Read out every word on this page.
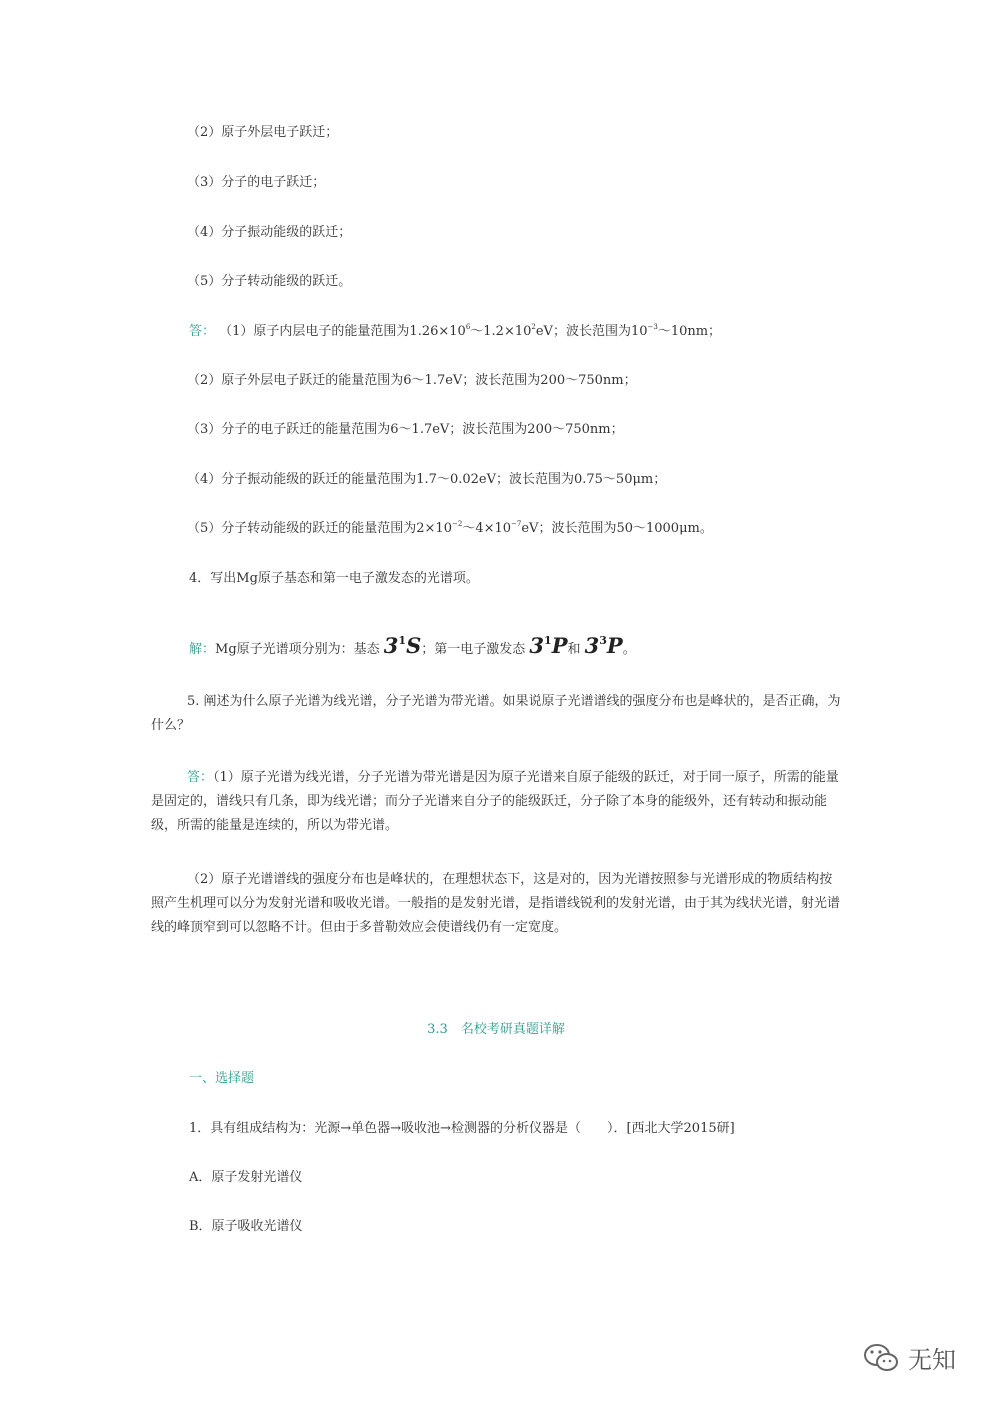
（2）原子外层电子跃迁；
（3）分子的电子跃迁；
（4）分子振动能级的跃迁；
（5）分子转动能级的跃迁。
答： （1）原子内层电子的能量范围为$1.26\times 10^6\sim 1.2\times 10^2eV$；波长范围为$10^{-3}\sim 10nm$；
（2）原子外层电子跃迁的能量范围为6～1.7eV；波长范围为200～750nm；
（3）分子的电子跃迁的能量范围为6～1.7eV；波长范围为200～750nm；
（4）分子振动能级的跃迁的能量范围为1.7～0.02eV；波长范围为0.75～50μm；
（5）分子转动能级的跃迁的能量范围为$2\times 10^{-2}\sim 4\times 10^{-7}eV$；波长范围为50～1000μm。
4．写出Mg原子基态和第一电子激发态的光谱项。
解：Mg原子光谱项分别为：基态 $3^1S$；第一电子激发态 $3^1P$和 $3^3P$。
5. 阐述为什么原子光谱为线光谱，分子光谱为带光谱。如果说原子光谱谱线的强度分布也是峰状的，是否正确，为什么？
答：（1）原子光谱为线光谱，分子光谱为带光谱是因为原子光谱来自原子能级的跃迁，对于同一原子，所需的能量是固定的，谱线只有几条，即为线光谱；而分子光谱来自分子的能级跃迁，分子除了本身的能级外，还有转动和振动能级，所需的能量是连续的，所以为带光谱。
（2）原子光谱谱线的强度分布也是峰状的，在理想状态下，这是对的，因为光谱按照参与光谱形成的物质结构按照产生机理可以分为发射光谱和吸收光谱。一般指的是发射光谱，是指谱线锐利的发射光谱，由于其为线状光谱，射光谱线的峰顶窄到可以忽略不计。但由于多普勒效应会使谱线仍有一定宽度。
3.3　名校考研真题详解
一、选择题
1．具有组成结构为：光源→单色器→吸收池→检测器的分析仪器是（　　）．[西北大学2015研]
A．原子发射光谱仪
B．原子吸收光谱仪
无知
